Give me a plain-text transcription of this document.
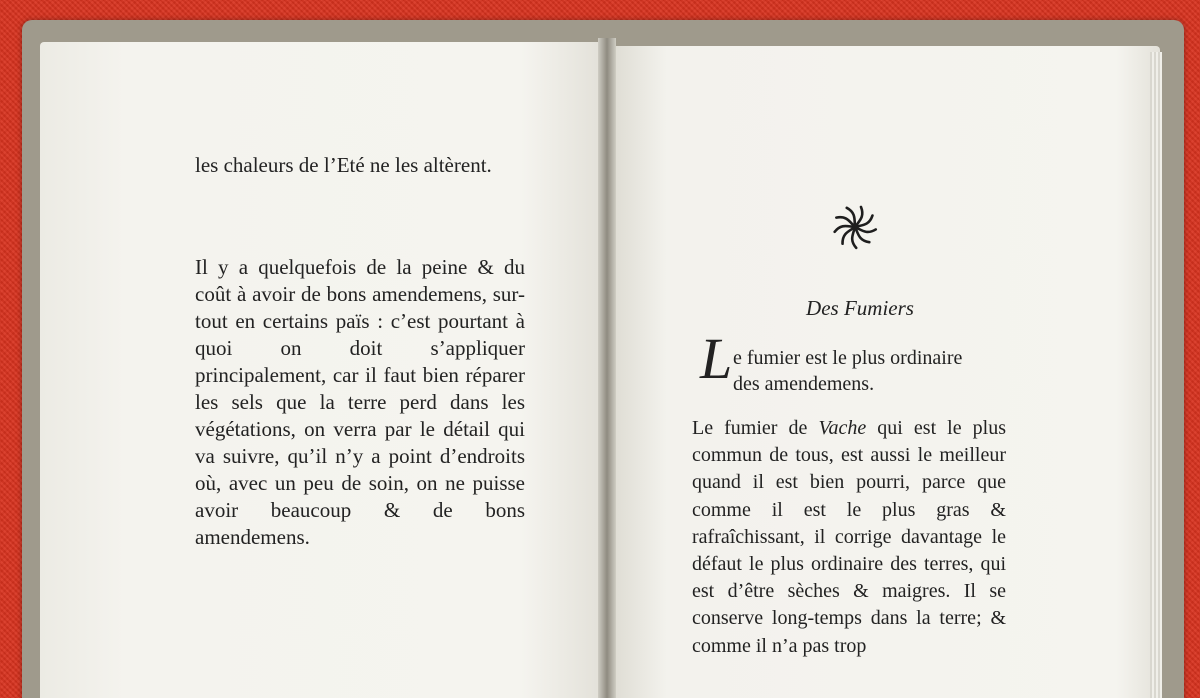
les chaleurs de l’Eté ne les altèrent.

Il y a quelquefois de la peine & du coût à avoir de bons amendemens, sur-tout en certains païs : c’est pourtant à quoi on doit s’appliquer principalement, car il faut bien réparer les sels que la terre perd dans les végétations, on verra par le détail qui va suivre, qu’il n’y a point d’endroits où, avec un peu de soin, on ne puisse avoir beaucoup & de bons amendemens.

Des Fumiers
L e fumier est le plus ordinaire
des amendemens.

Le fumier de Vache qui est le plus commun de tous, est aussi le meilleur quand il est bien pourri, parce que comme il est le plus gras & rafraîchissant, il corrige davantage le défaut le plus ordinaire des terres, qui est d’être sèches & maigres. Il se conserve long-temps dans la terre; & comme il n’a pas trop
